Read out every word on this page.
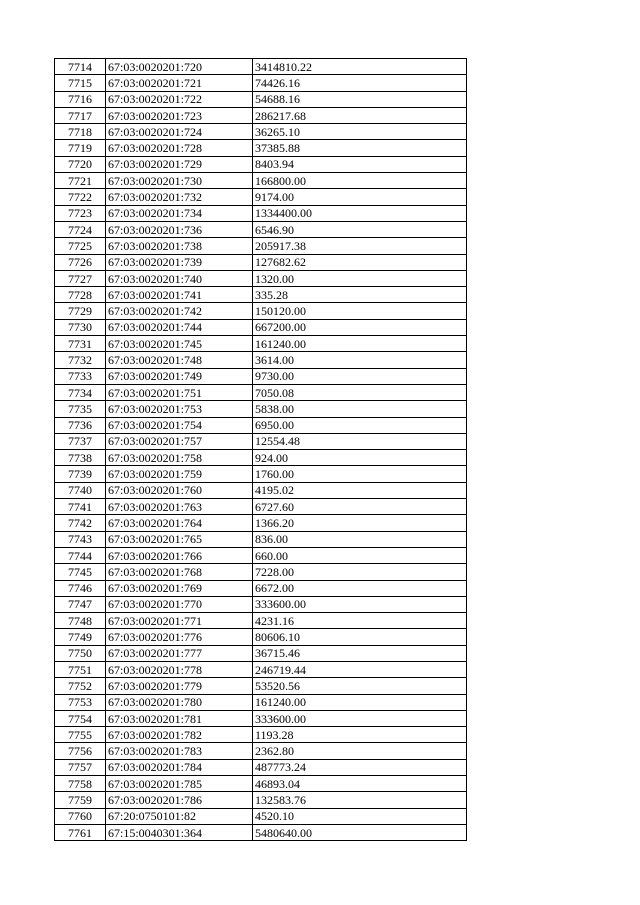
7714	67:03:0020201:720	3414810.22
7715	67:03:0020201:721	74426.16
7716	67:03:0020201:722	54688.16
7717	67:03:0020201:723	286217.68
7718	67:03:0020201:724	36265.10
7719	67:03:0020201:728	37385.88
7720	67:03:0020201:729	8403.94
7721	67:03:0020201:730	166800.00
7722	67:03:0020201:732	9174.00
7723	67:03:0020201:734	1334400.00
7724	67:03:0020201:736	6546.90
7725	67:03:0020201:738	205917.38
7726	67:03:0020201:739	127682.62
7727	67:03:0020201:740	1320.00
7728	67:03:0020201:741	335.28
7729	67:03:0020201:742	150120.00
7730	67:03:0020201:744	667200.00
7731	67:03:0020201:745	161240.00
7732	67:03:0020201:748	3614.00
7733	67:03:0020201:749	9730.00
7734	67:03:0020201:751	7050.08
7735	67:03:0020201:753	5838.00
7736	67:03:0020201:754	6950.00
7737	67:03:0020201:757	12554.48
7738	67:03:0020201:758	924.00
7739	67:03:0020201:759	1760.00
7740	67:03:0020201:760	4195.02
7741	67:03:0020201:763	6727.60
7742	67:03:0020201:764	1366.20
7743	67:03:0020201:765	836.00
7744	67:03:0020201:766	660.00
7745	67:03:0020201:768	7228.00
7746	67:03:0020201:769	6672.00
7747	67:03:0020201:770	333600.00
7748	67:03:0020201:771	4231.16
7749	67:03:0020201:776	80606.10
7750	67:03:0020201:777	36715.46
7751	67:03:0020201:778	246719.44
7752	67:03:0020201:779	53520.56
7753	67:03:0020201:780	161240.00
7754	67:03:0020201:781	333600.00
7755	67:03:0020201:782	1193.28
7756	67:03:0020201:783	2362.80
7757	67:03:0020201:784	487773.24
7758	67:03:0020201:785	46893.04
7759	67:03:0020201:786	132583.76
7760	67:20:0750101:82	4520.10
7761	67:15:0040301:364	5480640.00
